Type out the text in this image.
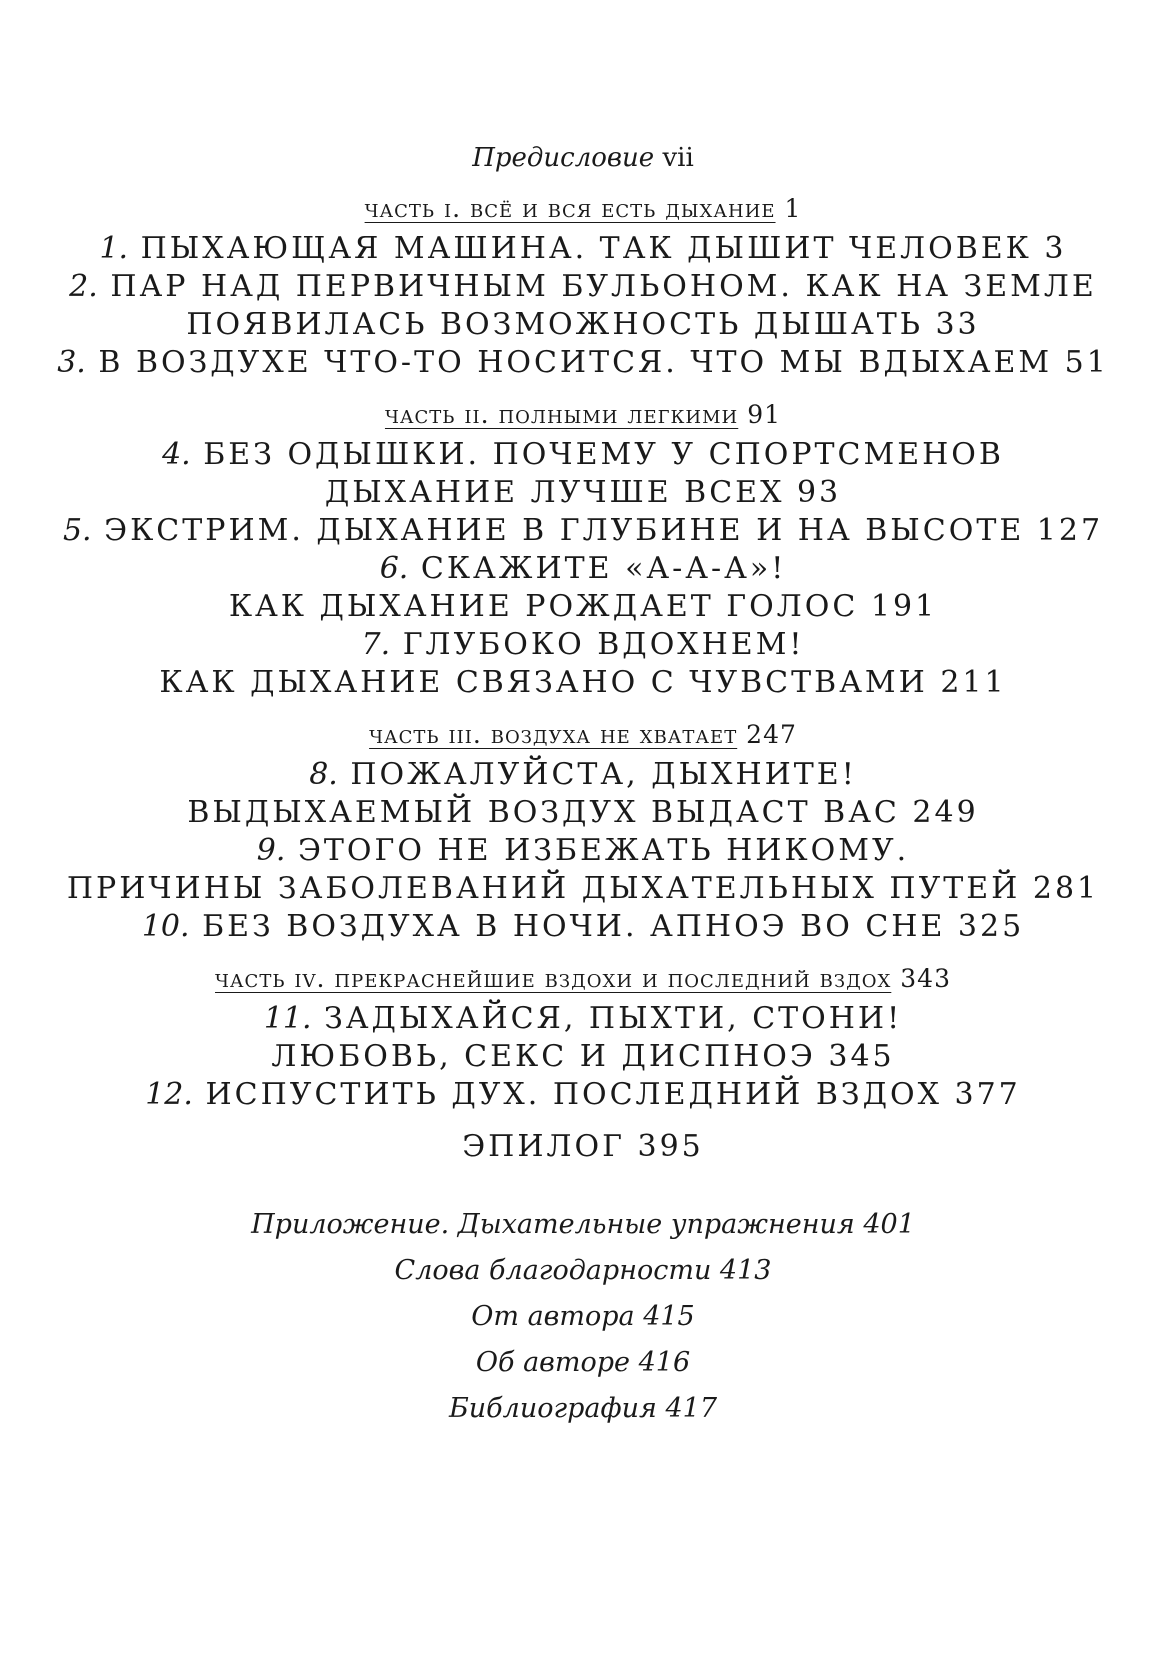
Предисловие vii
часть i. всё и вся есть дыхание 1
1. ПЫХАЮЩАЯ МАШИНА. ТАК ДЫШИТ ЧЕЛОВЕК 3
2. ПАР НАД ПЕРВИЧНЫМ БУЛЬОНОМ. КАК НА ЗЕМЛЕ
ПОЯВИЛАСЬ ВОЗМОЖНОСТЬ ДЫШАТЬ 33
3. В ВОЗДУХЕ ЧТО-ТО НОСИТСЯ. ЧТО МЫ ВДЫХАЕМ 51
часть ii. полными легкими 91
4. БЕЗ ОДЫШКИ. ПОЧЕМУ У СПОРТСМЕНОВ
ДЫХАНИЕ ЛУЧШЕ ВСЕХ 93
5. ЭКСТРИМ. ДЫХАНИЕ В ГЛУБИНЕ И НА ВЫСОТЕ 127
6. СКАЖИТЕ «А-А-А»!
КАК ДЫХАНИЕ РОЖДАЕТ ГОЛОС 191
7. ГЛУБОКО ВДОХНЕМ!
КАК ДЫХАНИЕ СВЯЗАНО С ЧУВСТВАМИ 211
часть iii. воздуха не хватает 247
8. ПОЖАЛУЙСТА, ДЫХНИТЕ!
ВЫДЫХАЕМЫЙ ВОЗДУХ ВЫДАСТ ВАС 249
9. ЭТОГО НЕ ИЗБЕЖАТЬ НИКОМУ.
ПРИЧИНЫ ЗАБОЛЕВАНИЙ ДЫХАТЕЛЬНЫХ ПУТЕЙ 281
10. БЕЗ ВОЗДУХА В НОЧИ. АПНОЭ ВО СНЕ 325
часть iv. прекраснейшие вздохи и последний вздох 343
11. ЗАДЫХАЙСЯ, ПЫХТИ, СТОНИ!
ЛЮБОВЬ, СЕКС И ДИСПНОЭ 345
12. ИСПУСТИТЬ ДУХ. ПОСЛЕДНИЙ ВЗДОХ 377
ЭПИЛОГ 395
Приложение. Дыхательные упражнения 401
Слова благодарности 413
От автора 415
Об авторе 416
Библиография 417
